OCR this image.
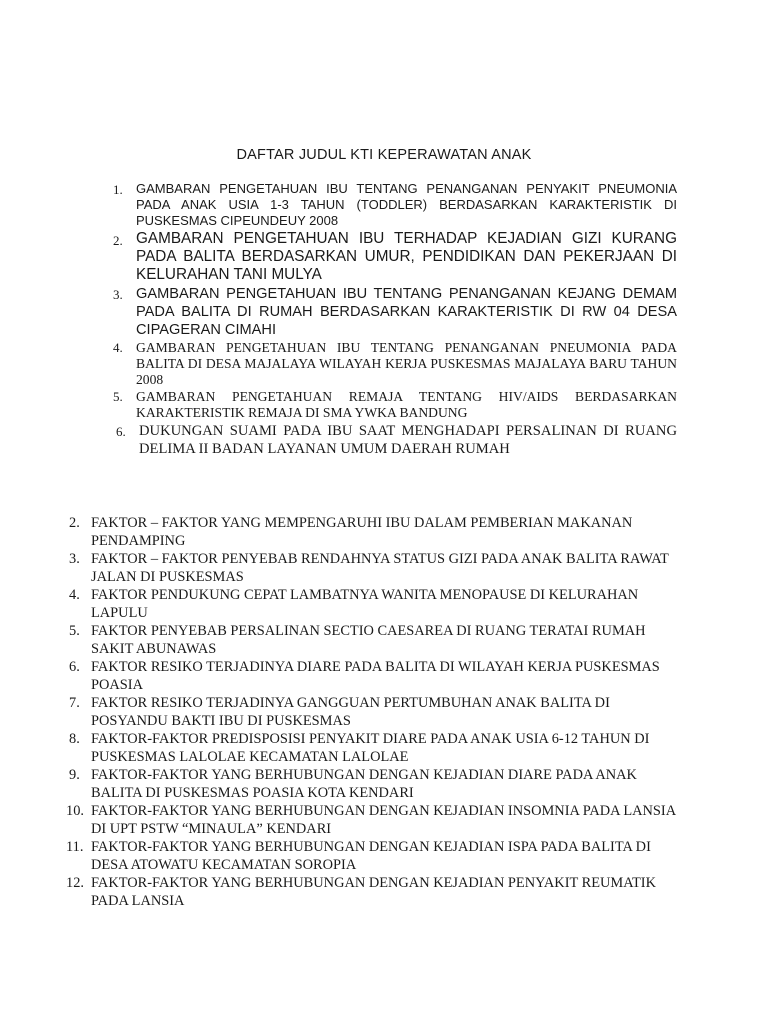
DAFTAR JUDUL KTI KEPERAWATAN ANAK
1. GAMBARAN PENGETAHUAN IBU TENTANG PENANGANAN PENYAKIT PNEUMONIA PADA ANAK USIA 1-3 TAHUN (TODDLER) BERDASARKAN KARAKTERISTIK DI PUSKESMAS CIPEUNDEUY 2008
2. GAMBARAN PENGETAHUAN IBU TERHADAP KEJADIAN GIZI KURANG PADA BALITA BERDASARKAN UMUR, PENDIDIKAN DAN PEKERJAAN DI KELURAHAN TANI MULYA
3. GAMBARAN PENGETAHUAN IBU TENTANG PENANGANAN KEJANG DEMAM PADA BALITA DI RUMAH BERDASARKAN KARAKTERISTIK DI RW 04 DESA CIPAGERAN CIMAHI
4. GAMBARAN PENGETAHUAN IBU TENTANG PENANGANAN PNEUMONIA PADA BALITA DI DESA MAJALAYA WILAYAH KERJA PUSKESMAS MAJALAYA BARU TAHUN 2008
5. GAMBARAN PENGETAHUAN REMAJA TENTANG HIV/AIDS BERDASARKAN KARAKTERISTIK REMAJA DI SMA YWKA BANDUNG
6. DUKUNGAN SUAMI PADA IBU SAAT MENGHADAPI PERSALINAN DI RUANG DELIMA II BADAN LAYANAN UMUM DAERAH RUMAH
2. FAKTOR – FAKTOR YANG MEMPENGARUHI IBU DALAM PEMBERIAN MAKANAN PENDAMPING
3. FAKTOR – FAKTOR PENYEBAB RENDAHNYA STATUS GIZI PADA ANAK BALITA RAWAT JALAN DI PUSKESMAS
4. FAKTOR PENDUKUNG CEPAT LAMBATNYA WANITA MENOPAUSE DI KELURAHAN LAPULU
5. FAKTOR PENYEBAB PERSALINAN SECTIO CAESAREA DI RUANG TERATAI RUMAH SAKIT ABUNAWAS
6. FAKTOR RESIKO TERJADINYA DIARE PADA BALITA DI WILAYAH KERJA PUSKESMAS POASIA
7. FAKTOR RESIKO TERJADINYA GANGGUAN PERTUMBUHAN ANAK BALITA DI POSYANDU BAKTI IBU DI PUSKESMAS
8. FAKTOR-FAKTOR PREDISPOSISI PENYAKIT DIARE PADA ANAK USIA 6-12 TAHUN DI PUSKESMAS LALOLAE KECAMATAN LALOLAE
9. FAKTOR-FAKTOR YANG BERHUBUNGAN DENGAN KEJADIAN DIARE PADA ANAK BALITA DI PUSKESMAS POASIA KOTA KENDARI
10. FAKTOR-FAKTOR YANG BERHUBUNGAN DENGAN KEJADIAN INSOMNIA PADA LANSIA DI UPT PSTW “MINAULA” KENDARI
11. FAKTOR-FAKTOR YANG BERHUBUNGAN DENGAN KEJADIAN ISPA PADA BALITA DI DESA ATOWATU KECAMATAN SOROPIA
12. FAKTOR-FAKTOR YANG BERHUBUNGAN DENGAN KEJADIAN PENYAKIT REUMATIK PADA LANSIA
